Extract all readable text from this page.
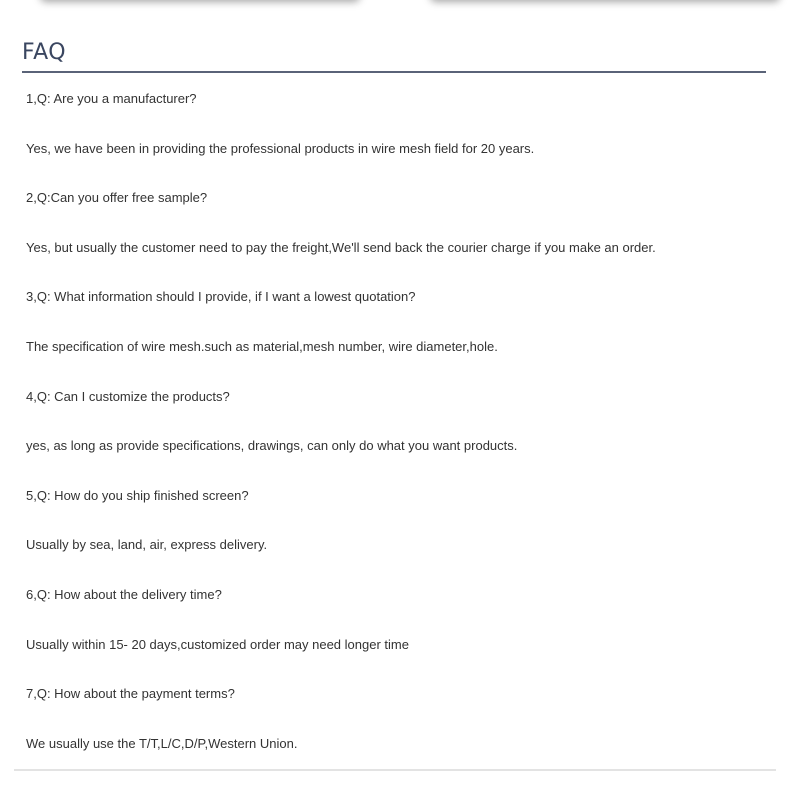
FAQ
1,Q: Are you a manufacturer?
Yes, we have been in providing the professional products in wire mesh field for 20 years.
2,Q:Can you offer free sample?
Yes, but usually the customer need to pay the freight,We'll send back the courier charge if you make an order.
3,Q: What information should I provide, if I want a lowest quotation?
The specification of wire mesh.such as material,mesh number, wire diameter,hole.
4,Q: Can I customize the products?
yes, as long as provide specifications, drawings, can only do what you want products.
5,Q: How do you ship finished screen?
Usually by sea, land, air, express delivery.
6,Q: How about the delivery time?
Usually within 15- 20 days,customized order may need longer time
7,Q: How about the payment terms?
We usually use the T/T,L/C,D/P,Western Union.
